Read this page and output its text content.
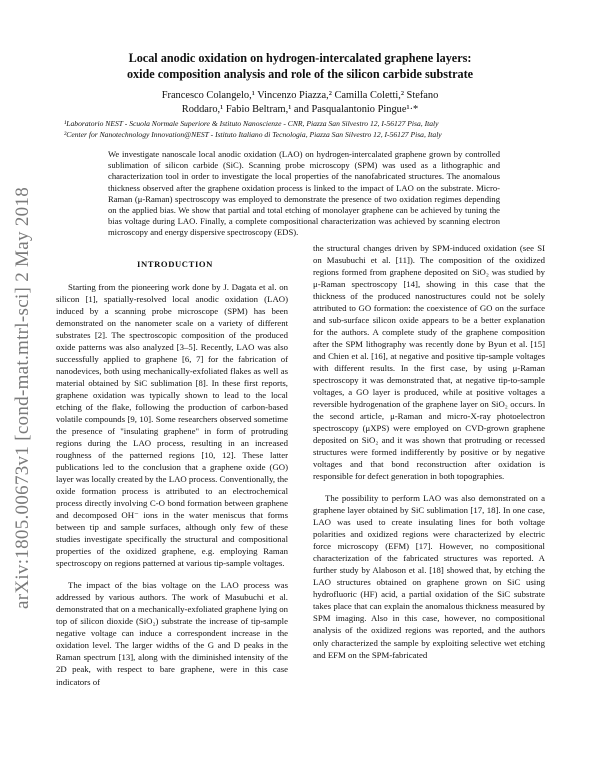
arXiv:1805.00673v1 [cond-mat.mtrl-sci] 2 May 2018
Local anodic oxidation on hydrogen-intercalated graphene layers:
oxide composition analysis and role of the silicon carbide substrate
Francesco Colangelo,¹ Vincenzo Piazza,² Camilla Coletti,² Stefano
Roddaro,¹ Fabio Beltram,¹ and Pasqualantonio Pingue¹·*
¹Laboratorio NEST - Scuola Normale Superiore & Istituto Nanoscienze - CNR, Piazza San Silvestro 12, I-56127 Pisa, Italy
²Center for Nanotechnology Innovation@NEST - Istituto Italiano di Tecnologia, Piazza San Silvestro 12, I-56127 Pisa, Italy
We investigate nanoscale local anodic oxidation (LAO) on hydrogen-intercalated graphene grown by controlled sublimation of silicon carbide (SiC). Scanning probe microscopy (SPM) was used as a lithographic and characterization tool in order to investigate the local properties of the nanofabricated structures. The anomalous thickness observed after the graphene oxidation process is linked to the impact of LAO on the substrate. Micro-Raman (μ-Raman) spectroscopy was employed to demonstrate the presence of two oxidation regimes depending on the applied bias. We show that partial and total etching of monolayer graphene can be achieved by tuning the bias voltage during LAO. Finally, a complete compositional characterization was achieved by scanning electron microscopy and energy dispersive spectroscopy (EDS).
INTRODUCTION

Starting from the pioneering work done by J. Dagata et al. on silicon [1], spatially-resolved local anodic oxidation (LAO) induced by a scanning probe microscope (SPM) has been demonstrated on the nanometer scale on a variety of different substrates [2]. The spectroscopic composition of the produced oxide patterns was also analyzed [3–5]. Recently, LAO was also successfully applied to graphene [6, 7] for the fabrication of nanodevices, both using mechanically-exfoliated flakes as well as material obtained by SiC sublimation [8]. In these first reports, graphene oxidation was typically shown to lead to the local etching of the flake, following the production of carbon-based volatile compounds [9, 10]. Some researchers observed sometime the presence of "insulating graphene" in form of protruding regions during the LAO process, resulting in an increased roughness of the patterned regions [10, 12]. These latter publications led to the conclusion that a graphene oxide (GO) layer was locally created by the LAO process. Conventionally, the oxide formation process is attributed to an electrochemical process directly involving C-O bond formation between graphene and decomposed OH⁻ ions in the water meniscus that forms between tip and sample surfaces, although only few of these studies investigate specifically the structural and compositional properties of the oxidized graphene, e.g. employing Raman spectroscopy on regions patterned at various tip-sample voltages.

The impact of the bias voltage on the LAO process was addressed by various authors. The work of Masubuchi et al. demonstrated that on a mechanically-exfoliated graphene lying on top of silicon dioxide (SiO₂) substrate the increase of tip-sample negative voltage can induce a correspondent increase in the oxidation level. The larger widths of the G and D peaks in the Raman spectrum [13], along with the diminished intensity of the 2D peak, with respect to bare graphene, were in this case indicators of

the structural changes driven by SPM-induced oxidation (see SI on Masubuchi et al. [11]). The composition of the oxidized regions formed from graphene deposited on SiO₂ was studied by μ-Raman spectroscopy [14], showing in this case that the thickness of the produced nanostructures could not be solely attributed to GO formation: the coexistence of GO on the surface and sub-surface silicon oxide appears to be a better explanation for the authors. A complete study of the graphene composition after the SPM lithography was recently done by Byun et al. [15] and Chien et al. [16], at negative and positive tip-sample voltages with different results. In the first case, by using μ-Raman spectroscopy it was demonstrated that, at negative tip-to-sample voltages, a GO layer is produced, while at positive voltages a reversible hydrogenation of the graphene layer on SiO₂ occurs. In the second article, μ-Raman and micro-X-ray photoelectron spectroscopy (μXPS) were employed on CVD-grown graphene deposited on SiO₂ and it was shown that protruding or recessed structures were formed indifferently by positive or by negative voltages and that bond reconstruction after oxidation is responsible for defect generation in both topographies.

The possibility to perform LAO was also demonstrated on a graphene layer obtained by SiC sublimation [17, 18]. In one case, LAO was used to create insulating lines for both voltage polarities and oxidized regions were characterized by electric force microscopy (EFM) [17]. However, no compositional characterization of the fabricated structures was reported. A further study by Alaboson et al. [18] showed that, by etching the LAO structures obtained on graphene grown on SiC using hydrofluoric (HF) acid, a partial oxidation of the SiC substrate takes place that can explain the anomalous thickness measured by SPM imaging. Also in this case, however, no compositional analysis of the oxidized regions was reported, and the authors only characterized the sample by exploiting selective wet etching and EFM on the SPM-fabricated
